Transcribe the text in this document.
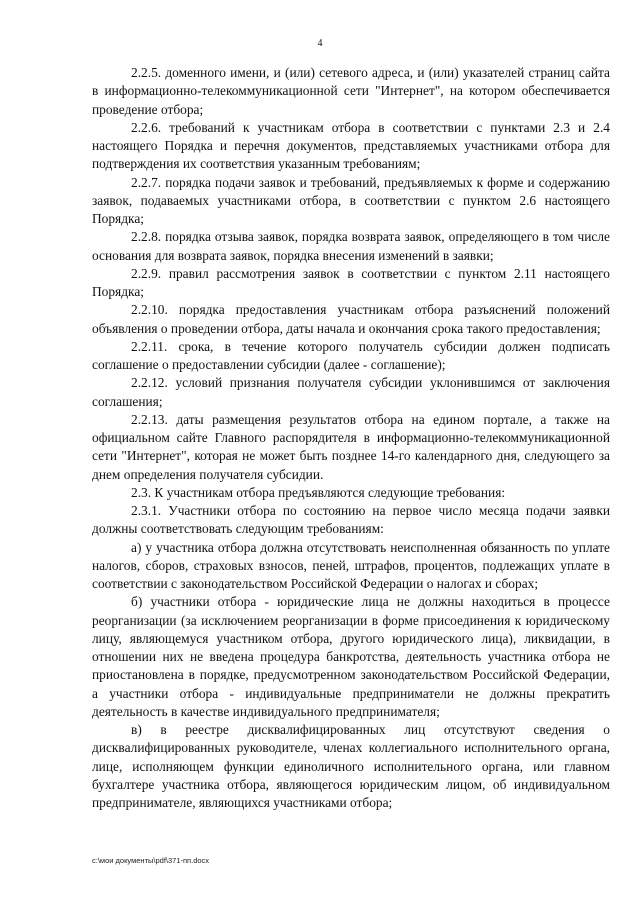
4

2.2.5. доменного имени, и (или) сетевого адреса, и (или) указателей страниц сайта в информационно-телекоммуникационной сети "Интернет", на котором обеспечивается проведение отбора;

2.2.6. требований к участникам отбора в соответствии с пунктами 2.3 и 2.4 настоящего Порядка и перечня документов, представляемых участниками отбора для подтверждения их соответствия указанным требованиям;

2.2.7. порядка подачи заявок и требований, предъявляемых к форме и содержанию заявок, подаваемых участниками отбора, в соответствии с пунктом 2.6 настоящего Порядка;

2.2.8. порядка отзыва заявок, порядка возврата заявок, определяющего в том числе основания для возврата заявок, порядка внесения изменений в заявки;

2.2.9. правил рассмотрения заявок в соответствии с пунктом 2.11 настоящего Порядка;

2.2.10. порядка предоставления участникам отбора разъяснений положений объявления о проведении отбора, даты начала и окончания срока такого предоставления;

2.2.11. срока, в течение которого получатель субсидии должен подписать соглашение о предоставлении субсидии (далее - соглашение);

2.2.12. условий признания получателя субсидии уклонившимся от заключения соглашения;

2.2.13. даты размещения результатов отбора на едином портале, а также на официальном сайте Главного распорядителя в информационно-телекоммуникационной сети "Интернет", которая не может быть позднее 14-го календарного дня, следующего за днем определения получателя субсидии.

2.3. К участникам отбора предъявляются следующие требования:

2.3.1. Участники отбора по состоянию на первое число месяца подачи заявки должны соответствовать следующим требованиям:

а) у участника отбора должна отсутствовать неисполненная обязанность по уплате налогов, сборов, страховых взносов, пеней, штрафов, процентов, подлежащих уплате в соответствии с законодательством Российской Федерации о налогах и сборах;

б) участники отбора - юридические лица не должны находиться в процессе реорганизации (за исключением реорганизации в форме присоединения к юридическому лицу, являющемуся участником отбора, другого юридического лица), ликвидации, в отношении них не введена процедура банкротства, деятельность участника отбора не приостановлена в порядке, предусмотренном законодательством Российской Федерации, а участники отбора - индивидуальные предприниматели не должны прекратить деятельность в качестве индивидуального предпринимателя;

в) в реестре дисквалифицированных лиц отсутствуют сведения о дисквалифицированных руководителе, членах коллегиального исполнительного органа, лице, исполняющем функции единоличного исполнительного органа, или главном бухгалтере участника отбора, являющегося юридическим лицом, об индивидуальном предпринимателе, являющихся участниками отбора;

c:\мои документы\pdf\371-пп.docx
